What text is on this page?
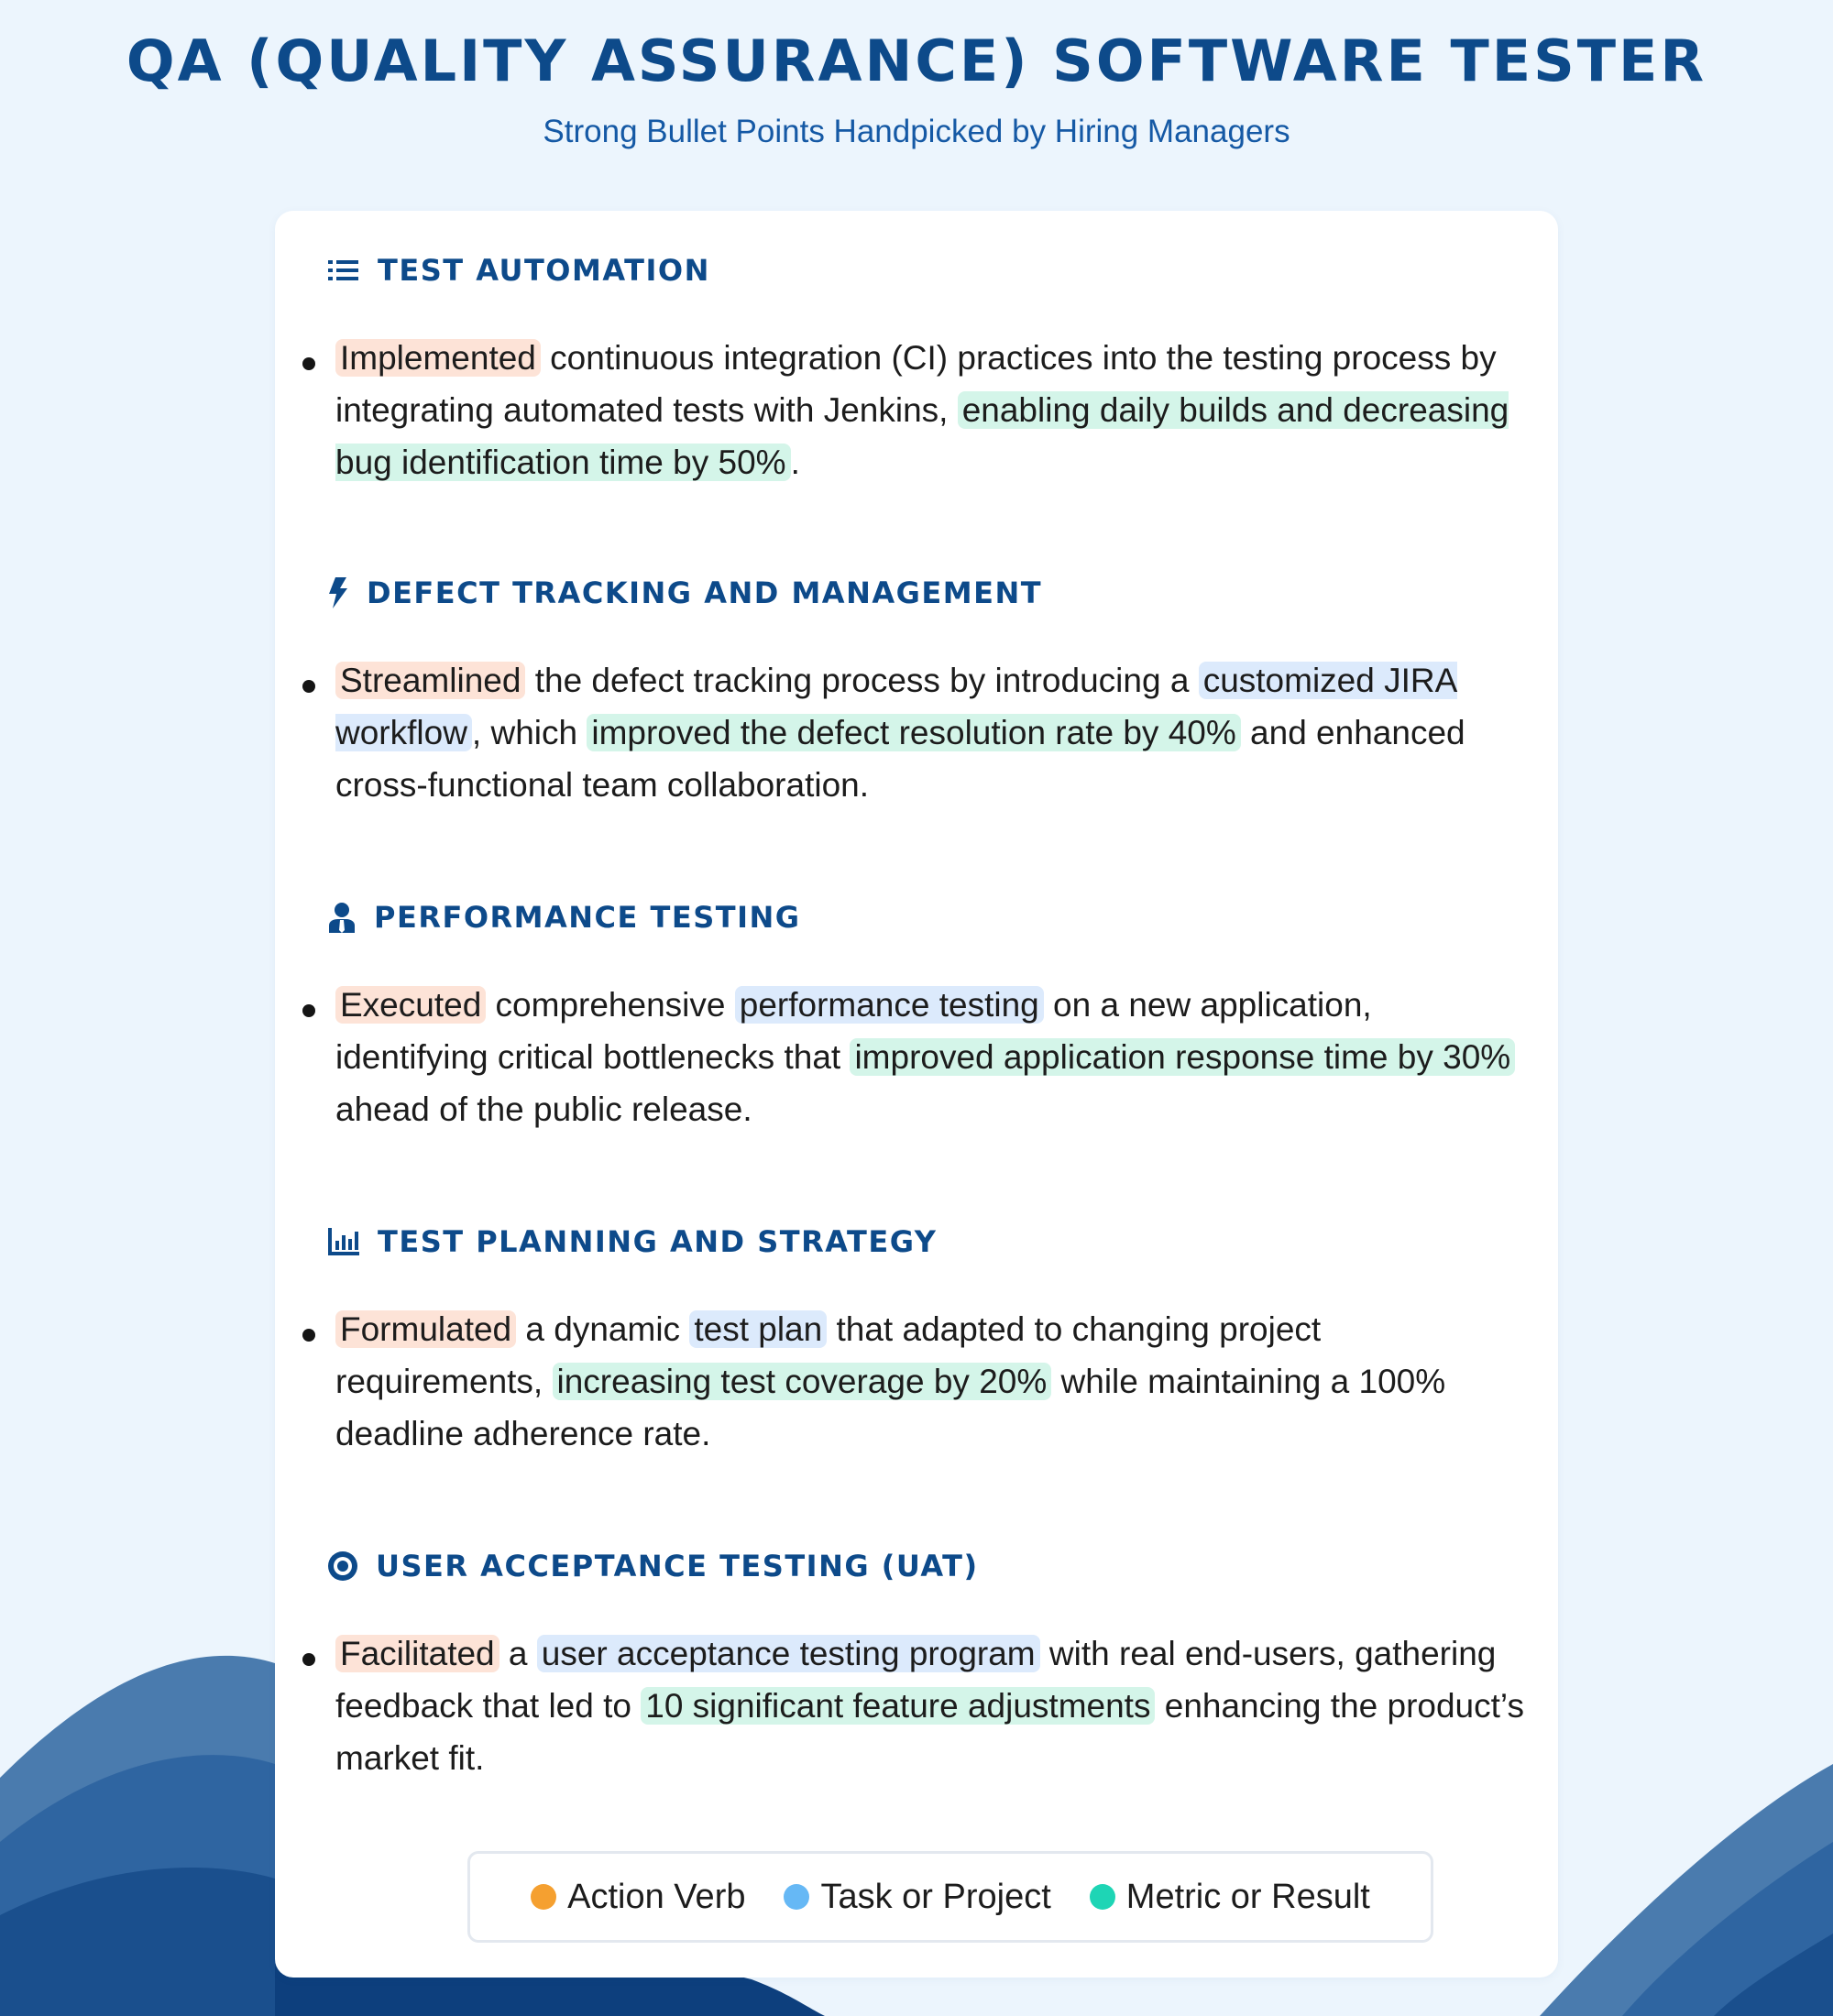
QA (QUALITY ASSURANCE) SOFTWARE TESTER
Strong Bullet Points Handpicked by Hiring Managers
TEST AUTOMATION
Implemented continuous integration (CI) practices into the testing process by integrating automated tests with Jenkins, enabling daily builds and decreasing bug identification time by 50% .
DEFECT TRACKING AND MANAGEMENT
Streamlined the defect tracking process by introducing a customized JIRA workflow , which improved the defect resolution rate by 40% and enhanced cross-functional team collaboration.
PERFORMANCE TESTING
Executed comprehensive performance testing on a new application, identifying critical bottlenecks that improved application response time by 30% ahead of the public release.
TEST PLANNING AND STRATEGY
Formulated a dynamic test plan that adapted to changing project requirements, increasing test coverage by 20% while maintaining a 100% deadline adherence rate.
USER ACCEPTANCE TESTING (UAT)
Facilitated a user acceptance testing program with real end-users, gathering feedback that led to 10 significant feature adjustments enhancing the product’s market fit.
Action Verb Task or Project Metric or Result
